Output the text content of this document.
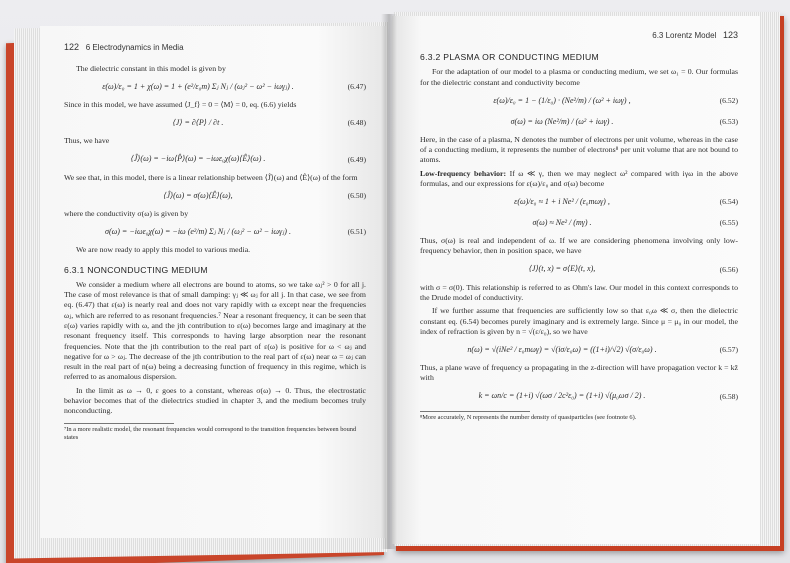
122 6 Electrodynamics in Media

The dielectric constant in this model is given by

ε(ω)/ε₀ = 1 + χ(ω) = 1 + (e²/ε₀m) Σⱼ Nⱼ / (ωⱼ² − ω² − iωγⱼ) .	(6.47)

Since in this model, we have assumed ⟨J_f⟩ = 0 = ⟨M⟩ = 0, eq. (6.6) yields

⟨J⟩ = ∂⟨P⟩ / ∂t .	(6.48)

Thus, we have

⟨Ĵ⟩(ω) = −iω⟨P̂⟩(ω) = −iωε₀χ(ω)⟨Ê⟩(ω) .	(6.49)

We see that, in this model, there is a linear relationship between ⟨Ĵ⟩(ω) and ⟨Ê⟩(ω) of the form

⟨Ĵ⟩(ω) = σ(ω)⟨Ê⟩(ω),	(6.50)

where the conductivity σ(ω) is given by

σ(ω) = −iωε₀χ(ω) = −iω (e²/m) Σⱼ Nⱼ / (ωⱼ² − ω² − iωγⱼ) .	(6.51)

We are now ready to apply this model to various media.

6.3.1 NONCONDUCTING MEDIUM

We consider a medium where all electrons are bound to atoms, so we take ωⱼ² > 0 for all j. The case of most relevance is that of small damping: γⱼ ≪ ωⱼ for all j. In that case, we see from eq. (6.47) that ε(ω) is nearly real and does not vary rapidly with ω except near the frequencies ωⱼ, which are referred to as resonant frequencies.⁷ Near a resonant frequency, it can be seen that ε(ω) varies rapidly with ω, and the jth contribution to ε(ω) becomes large and imaginary at the resonant frequency itself. This corresponds to having large absorption near the resonant frequencies. Note that the jth contribution to the real part of ε(ω) is positive for ω < ωⱼ and negative for ω > ωⱼ. The decrease of the jth contribution to the real part of ε(ω) near ω = ωⱼ can result in the real part of n(ω) being a decreasing function of frequency in this regime, which is referred to as anomalous dispersion.

In the limit as ω → 0, ε goes to a constant, whereas σ(ω) → 0. Thus, the electrostatic behavior becomes that of the dielectrics studied in chapter 3, and the medium becomes truly nonconducting.

⁷In a more realistic model, the resonant frequencies would correspond to the transition frequencies between bound states
6.3 Lorentz Model 123
6.3.2 PLASMA OR CONDUCTING MEDIUM

For the adaptation of our model to a plasma or conducting medium, we set ω₁ = 0. Our formulas for the dielectric constant and conductivity become

ε(ω)/ε₀ = 1 − (1/ε₀) · (Ne²/m) / (ω² + iωγ) ,	(6.52)
σ(ω) = iω (Ne²/m) / (ω² + iωγ) .	(6.53)

Here, in the case of a plasma, N denotes the number of electrons per unit volume, whereas in the case of a conducting medium, it represents the number of electrons⁸ per unit volume that are not bound to atoms.

Low-frequency behavior: If ω ≪ γ, then we may neglect ω² compared with iγω in the above formulas, and our expressions for ε(ω)/ε₀ and σ(ω) become

ε(ω)/ε₀ ≈ 1 + i Ne² / (ε₀mωγ) ,	(6.54)
σ(ω) ≈ Ne² / (mγ) .	(6.55)

Thus, σ(ω) is real and independent of ω. If we are considering phenomena involving only low-frequency behavior, then in position space, we have

⟨J⟩(t, x) = σ⟨E⟩(t, x),	(6.56)

with σ = σ(0). This relationship is referred to as Ohm's law. Our model in this context corresponds to the Drude model of conductivity.

If we further assume that frequencies are sufficiently low so that ε₀ω ≪ σ, then the dielectric constant eq. (6.54) becomes purely imaginary and is extremely large. Since μ = μ₀ in our model, the index of refraction is given by n = √(ε/ε₀), so we have

n(ω) = √(iNe² / ε₀mωγ) = √(iσ/ε₀ω) = ((1+i)/√2) √(σ/ε₀ω) .	(6.57)

Thus, a plane wave of frequency ω propagating in the z-direction will have propagation vector k = kẑ with

k = ωn/c = (1+i) √(ωσ / 2c²ε₀) = (1+i) √(μ₀ωσ / 2) .	(6.58)
⁸More accurately, N represents the number density of quasiparticles (see footnote 6).
